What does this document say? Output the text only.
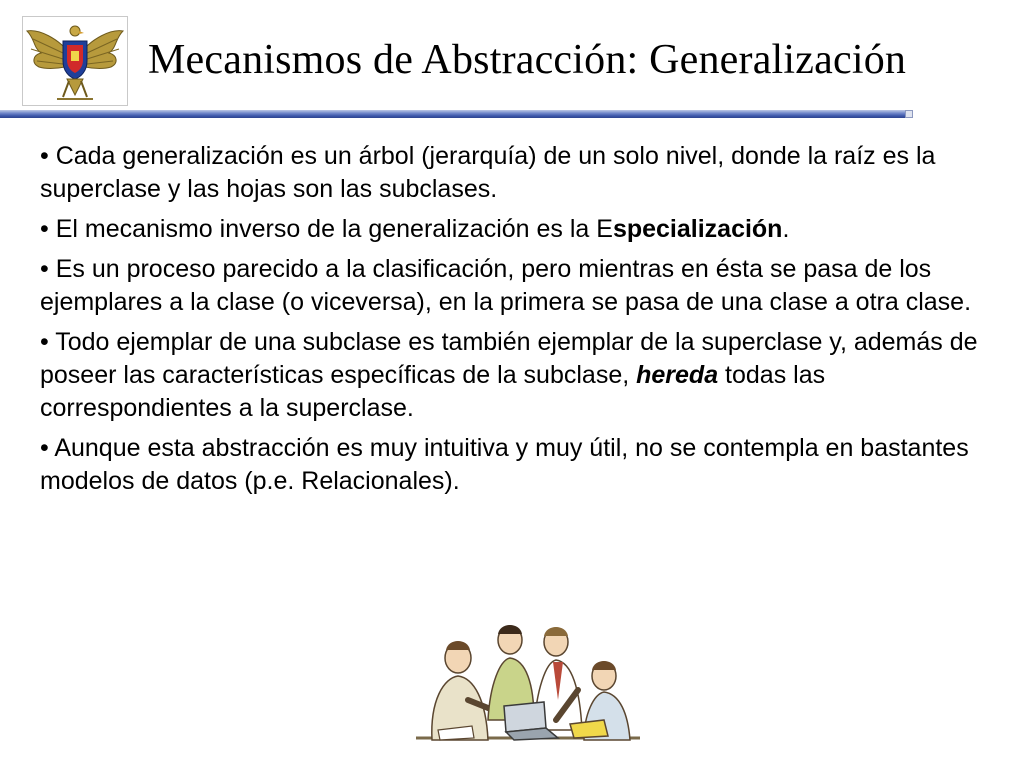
Mecanismos de Abstracción: Generalización

• Cada generalización es un árbol (jerarquía) de un solo nivel, donde la raíz es la superclase y las hojas son las subclases.

• El mecanismo inverso de la generalización es la Especialización.

• Es un proceso parecido a la clasificación, pero mientras en ésta se pasa de los ejemplares a la clase (o viceversa), en la primera se pasa de una clase a otra clase.

• Todo ejemplar de una subclase es también ejemplar de la superclase y, además de poseer las características específicas de la subclase, hereda todas las correspondientes a la superclase.

• Aunque esta abstracción es muy intuitiva y muy útil, no se contempla en bastantes modelos de datos (p.e. Relacionales).
